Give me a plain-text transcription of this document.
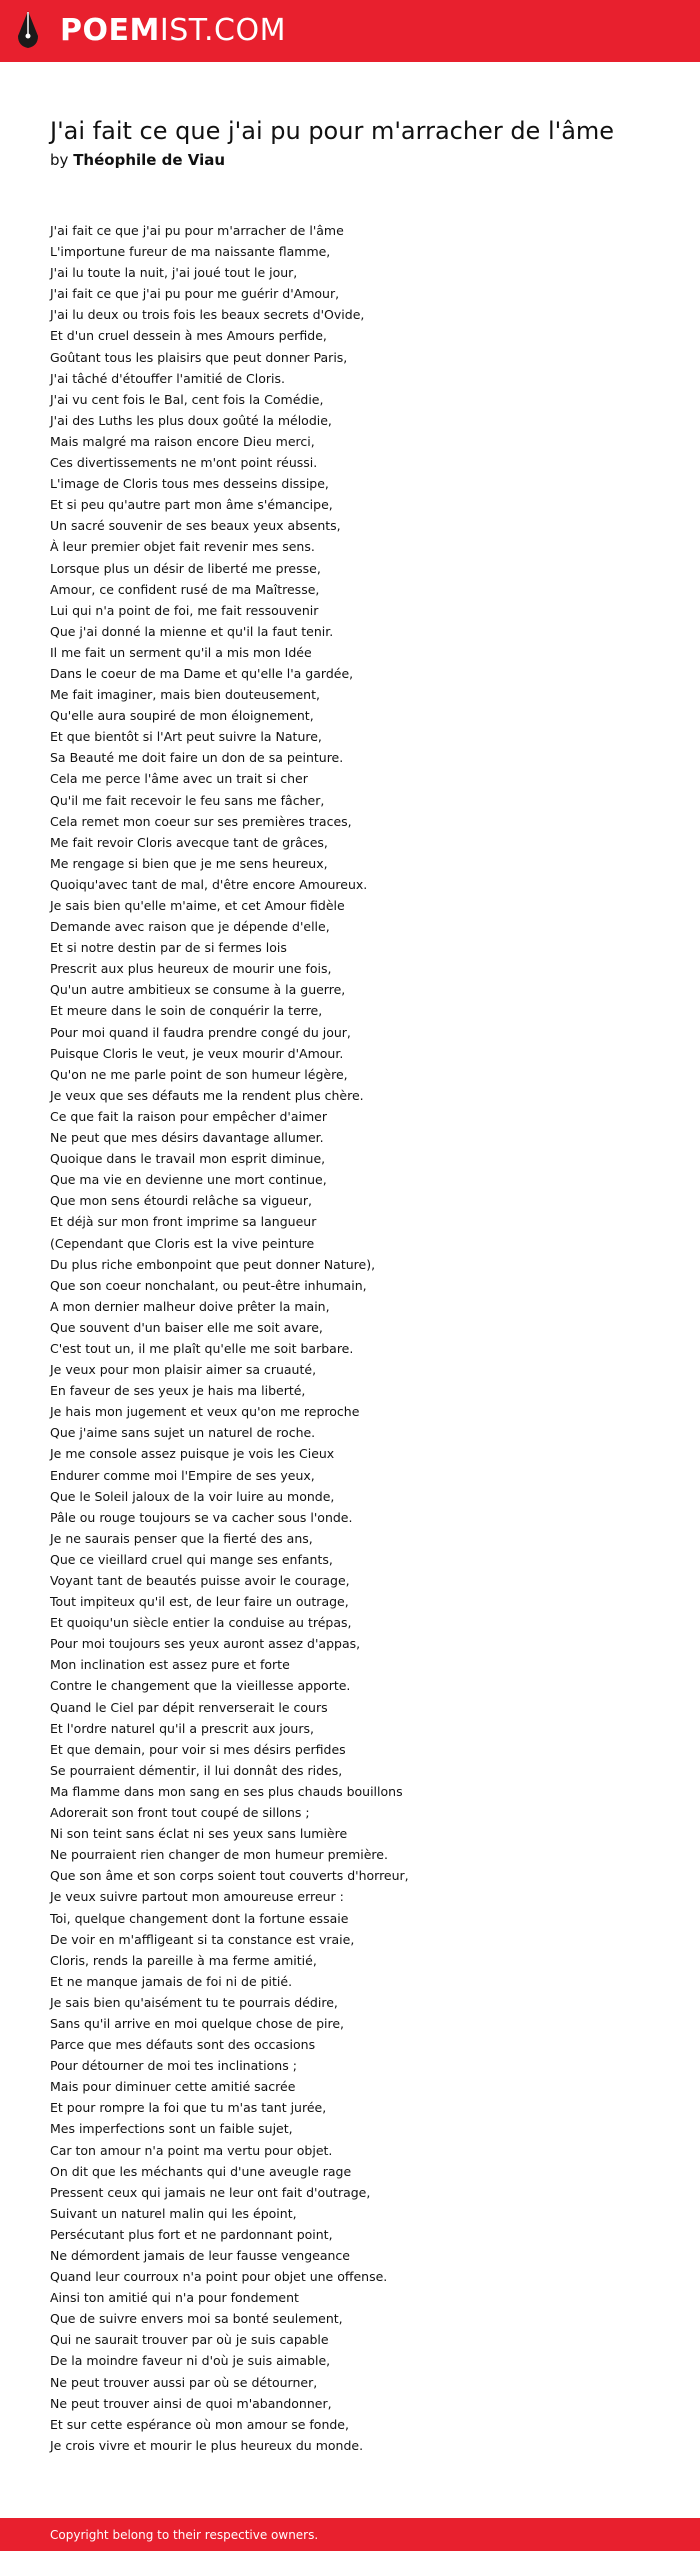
POEMIST.COM
J'ai fait ce que j'ai pu pour m'arracher de l'âme
by Théophile de Viau
J'ai fait ce que j'ai pu pour m'arracher de l'âme
L'importune fureur de ma naissante flamme,
J'ai lu toute la nuit, j'ai joué tout le jour,
J'ai fait ce que j'ai pu pour me guérir d'Amour,
J'ai lu deux ou trois fois les beaux secrets d'Ovide,
Et d'un cruel dessein à mes Amours perfide,
Goûtant tous les plaisirs que peut donner Paris,
J'ai tâché d'étouffer l'amitié de Cloris.
J'ai vu cent fois le Bal, cent fois la Comédie,
J'ai des Luths les plus doux goûté la mélodie,
Mais malgré ma raison encore Dieu merci,
Ces divertissements ne m'ont point réussi.
L'image de Cloris tous mes desseins dissipe,
Et si peu qu'autre part mon âme s'émancipe,
Un sacré souvenir de ses beaux yeux absents,
À leur premier objet fait revenir mes sens.
Lorsque plus un désir de liberté me presse,
Amour, ce confident rusé de ma Maîtresse,
Lui qui n'a point de foi, me fait ressouvenir
Que j'ai donné la mienne et qu'il la faut tenir.
Il me fait un serment qu'il a mis mon Idée
Dans le coeur de ma Dame et qu'elle l'a gardée,
Me fait imaginer, mais bien douteusement,
Qu'elle aura soupiré de mon éloignement,
Et que bientôt si l'Art peut suivre la Nature,
Sa Beauté me doit faire un don de sa peinture.
Cela me perce l'âme avec un trait si cher
Qu'il me fait recevoir le feu sans me fâcher,
Cela remet mon coeur sur ses premières traces,
Me fait revoir Cloris avecque tant de grâces,
Me rengage si bien que je me sens heureux,
Quoiqu'avec tant de mal, d'être encore Amoureux.
Je sais bien qu'elle m'aime, et cet Amour fidèle
Demande avec raison que je dépende d'elle,
Et si notre destin par de si fermes lois
Prescrit aux plus heureux de mourir une fois,
Qu'un autre ambitieux se consume à la guerre,
Et meure dans le soin de conquérir la terre,
Pour moi quand il faudra prendre congé du jour,
Puisque Cloris le veut, je veux mourir d'Amour.
Qu'on ne me parle point de son humeur légère,
Je veux que ses défauts me la rendent plus chère.
Ce que fait la raison pour empêcher d'aimer
Ne peut que mes désirs davantage allumer.
Quoique dans le travail mon esprit diminue,
Que ma vie en devienne une mort continue,
Que mon sens étourdi relâche sa vigueur,
Et déjà sur mon front imprime sa langueur
(Cependant que Cloris est la vive peinture
Du plus riche embonpoint que peut donner Nature),
Que son coeur nonchalant, ou peut-être inhumain,
A mon dernier malheur doive prêter la main,
Que souvent d'un baiser elle me soit avare,
C'est tout un, il me plaît qu'elle me soit barbare.
Je veux pour mon plaisir aimer sa cruauté,
En faveur de ses yeux je hais ma liberté,
Je hais mon jugement et veux qu'on me reproche
Que j'aime sans sujet un naturel de roche.
Je me console assez puisque je vois les Cieux
Endurer comme moi l'Empire de ses yeux,
Que le Soleil jaloux de la voir luire au monde,
Pâle ou rouge toujours se va cacher sous l'onde.
Je ne saurais penser que la fierté des ans,
Que ce vieillard cruel qui mange ses enfants,
Voyant tant de beautés puisse avoir le courage,
Tout impiteux qu'il est, de leur faire un outrage,
Et quoiqu'un siècle entier la conduise au trépas,
Pour moi toujours ses yeux auront assez d'appas,
Mon inclination est assez pure et forte
Contre le changement que la vieillesse apporte.
Quand le Ciel par dépit renverserait le cours
Et l'ordre naturel qu'il a prescrit aux jours,
Et que demain, pour voir si mes désirs perfides
Se pourraient démentir, il lui donnât des rides,
Ma flamme dans mon sang en ses plus chauds bouillons
Adorerait son front tout coupé de sillons ;
Ni son teint sans éclat ni ses yeux sans lumière
Ne pourraient rien changer de mon humeur première.
Que son âme et son corps soient tout couverts d'horreur,
Je veux suivre partout mon amoureuse erreur :
Toi, quelque changement dont la fortune essaie
De voir en m'affligeant si ta constance est vraie,
Cloris, rends la pareille à ma ferme amitié,
Et ne manque jamais de foi ni de pitié.
Je sais bien qu'aisément tu te pourrais dédire,
Sans qu'il arrive en moi quelque chose de pire,
Parce que mes défauts sont des occasions
Pour détourner de moi tes inclinations ;
Mais pour diminuer cette amitié sacrée
Et pour rompre la foi que tu m'as tant jurée,
Mes imperfections sont un faible sujet,
Car ton amour n'a point ma vertu pour objet.
On dit que les méchants qui d'une aveugle rage
Pressent ceux qui jamais ne leur ont fait d'outrage,
Suivant un naturel malin qui les époint,
Persécutant plus fort et ne pardonnant point,
Ne démordent jamais de leur fausse vengeance
Quand leur courroux n'a point pour objet une offense.
Ainsi ton amitié qui n'a pour fondement
Que de suivre envers moi sa bonté seulement,
Qui ne saurait trouver par où je suis capable
De la moindre faveur ni d'où je suis aimable,
Ne peut trouver aussi par où se détourner,
Ne peut trouver ainsi de quoi m'abandonner,
Et sur cette espérance où mon amour se fonde,
Je crois vivre et mourir le plus heureux du monde.
Copyright belong to their respective owners.
